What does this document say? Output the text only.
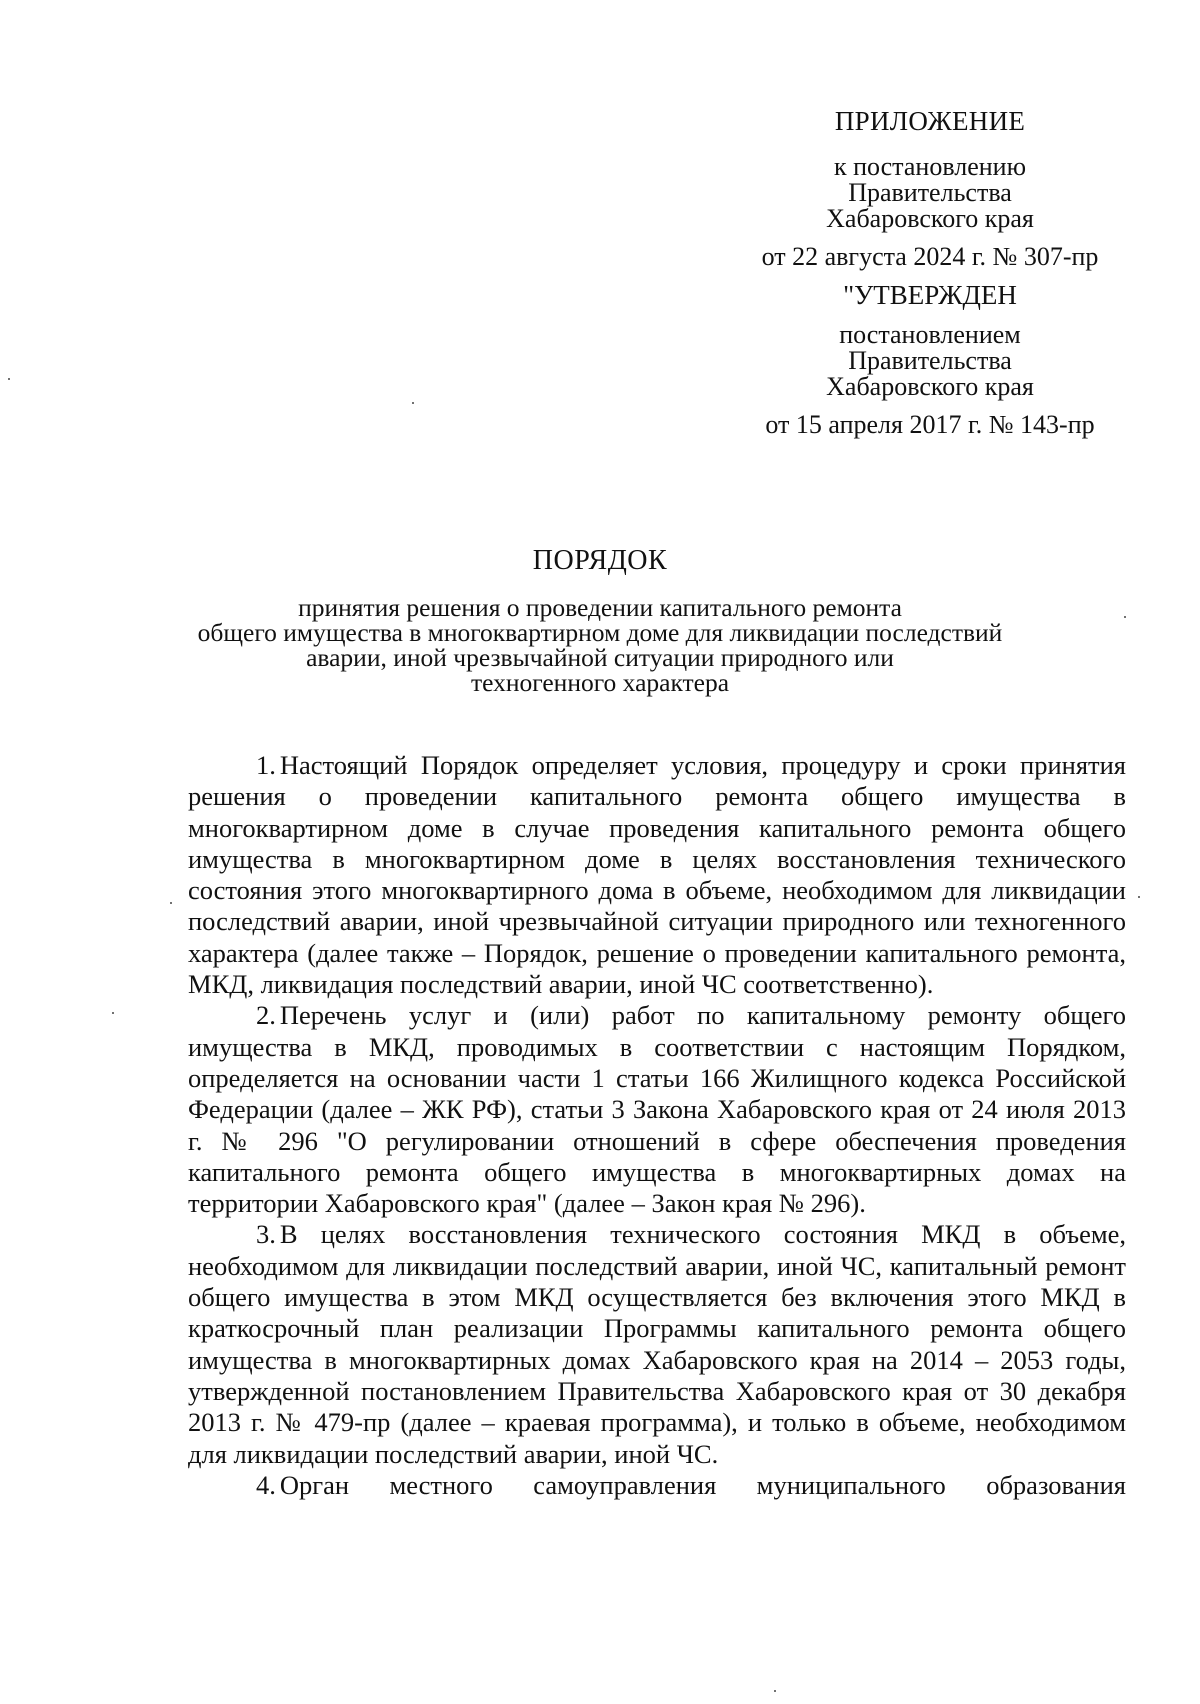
ПРИЛОЖЕНИЕ
к постановлению
Правительства
Хабаровского края
от 22 августа 2024 г. № 307-пр
"УТВЕРЖДЕН
постановлением
Правительства
Хабаровского края
от 15 апреля 2017 г. № 143-пр
ПОРЯДОК
принятия решения о проведении капитального ремонта
общего имущества в многоквартирном доме для ликвидации последствий
аварии, иной чрезвычайной ситуации природного или
техногенного характера

1. Настоящий Порядок определяет условия, процедуру и сроки принятия решения о проведении капитального ремонта общего имущества в многоквартирном доме в случае проведения капитального ремонта общего имущества в многоквартирном доме в целях восстановления технического состояния этого многоквартирного дома в объеме, необходимом для ликвидации последствий аварии, иной чрезвычайной ситуации природного или техногенного характера (далее также – Порядок, решение о проведении капитального ремонта, МКД, ликвидация последствий аварии, иной ЧС соответственно).

2. Перечень услуг и (или) работ по капитальному ремонту общего имущества в МКД, проводимых в соответствии с настоящим Порядком, определяется на основании части 1 статьи 166 Жилищного кодекса Российской Федерации (далее – ЖК РФ), статьи 3 Закона Хабаровского края от 24 июля 2013 г. № 296 "О регулировании отношений в сфере обеспечения проведения капитального ремонта общего имущества в многоквартирных домах на территории Хабаровского края" (далее – Закон края № 296).

3. В целях восстановления технического состояния МКД в объеме, необходимом для ликвидации последствий аварии, иной ЧС, капитальный ремонт общего имущества в этом МКД осуществляется без включения этого МКД в краткосрочный план реализации Программы капитального ремонта общего имущества в многоквартирных домах Хабаровского края на 2014 – 2053 годы, утвержденной постановлением Правительства Хабаровского края от 30 декабря 2013 г. № 479-пр (далее – краевая программа), и только в объеме, необходимом для ликвидации последствий аварии, иной ЧС.

4. Орган местного самоуправления муниципального образования
